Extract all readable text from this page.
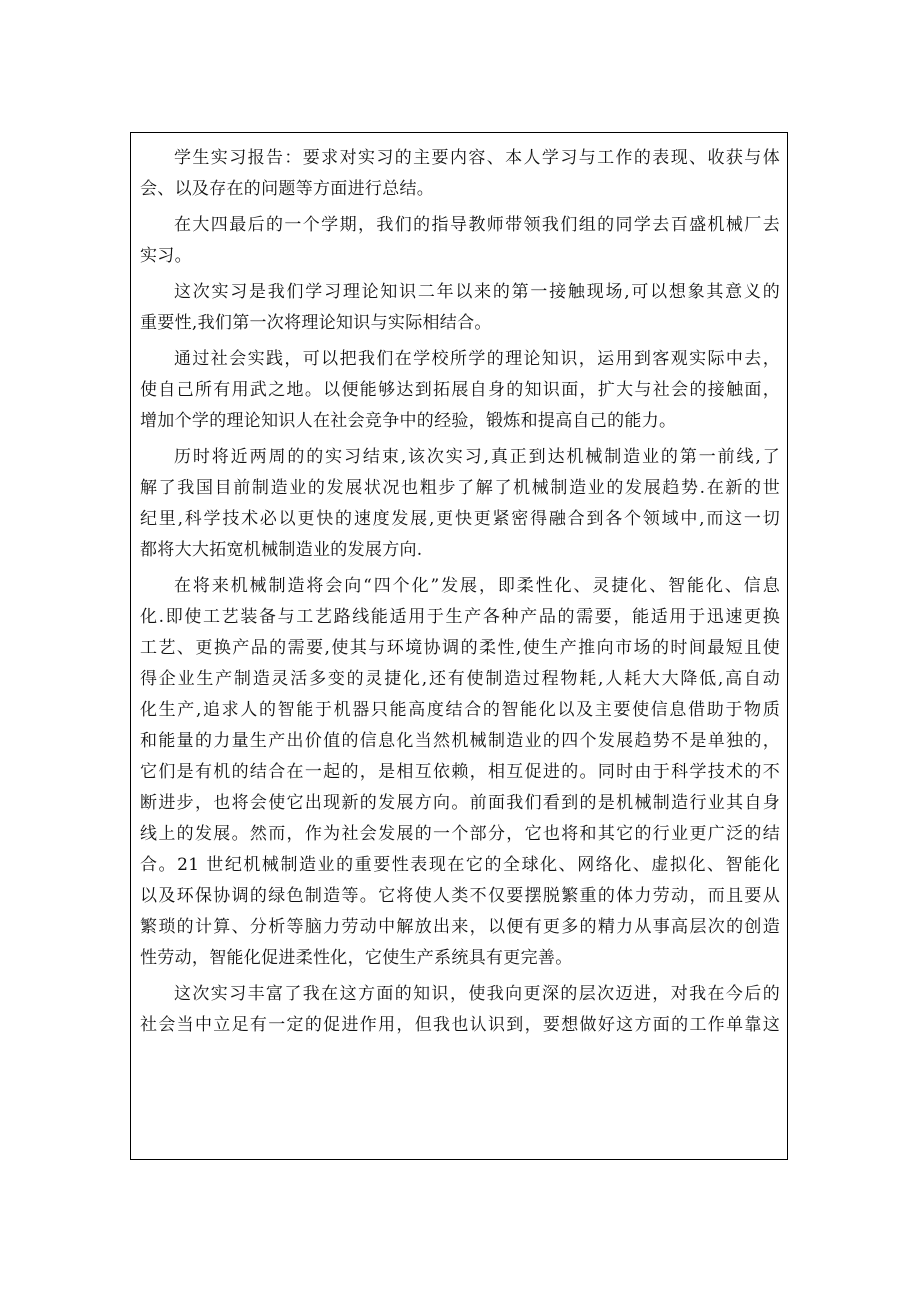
学生实习报告：要求对实习的主要内容、本人学习与工作的表现、收获与体
会、以及存在的问题等方面进行总结。
在大四最后的一个学期，我们的指导教师带领我们组的同学去百盛机械厂去
实习。
这次实习是我们学习理论知识二年以来的第一接触现场,可以想象其意义的
重要性,我们第一次将理论知识与实际相结合。
通过社会实践，可以把我们在学校所学的理论知识，运用到客观实际中去，
使自己所有用武之地。以便能够达到拓展自身的知识面，扩大与社会的接触面，
增加个学的理论知识人在社会竞争中的经验，锻炼和提高自己的能力。
历时将近两周的的实习结束,该次实习,真正到达机械制造业的第一前线,了
解了我国目前制造业的发展状况也粗步了解了机械制造业的发展趋势.在新的世
纪里,科学技术必以更快的速度发展,更快更紧密得融合到各个领域中,而这一切
都将大大拓宽机械制造业的发展方向.
在将来机械制造将会向“四个化”发展，即柔性化、灵捷化、智能化、信息
化.即使工艺装备与工艺路线能适用于生产各种产品的需要，能适用于迅速更换
工艺、更换产品的需要,使其与环境协调的柔性,使生产推向市场的时间最短且使
得企业生产制造灵活多变的灵捷化,还有使制造过程物耗,人耗大大降低,高自动
化生产,追求人的智能于机器只能高度结合的智能化以及主要使信息借助于物质
和能量的力量生产出价值的信息化当然机械制造业的四个发展趋势不是单独的，
它们是有机的结合在一起的，是相互依赖，相互促进的。同时由于科学技术的不
断进步，也将会使它出现新的发展方向。前面我们看到的是机械制造行业其自身
线上的发展。然而，作为社会发展的一个部分，它也将和其它的行业更广泛的结
合。21 世纪机械制造业的重要性表现在它的全球化、网络化、虚拟化、智能化
以及环保协调的绿色制造等。它将使人类不仅要摆脱繁重的体力劳动，而且要从
繁琐的计算、分析等脑力劳动中解放出来，以便有更多的精力从事高层次的创造
性劳动，智能化促进柔性化，它使生产系统具有更完善。
这次实习丰富了我在这方面的知识，使我向更深的层次迈进，对我在今后的
社会当中立足有一定的促进作用，但我也认识到，要想做好这方面的工作单靠这
